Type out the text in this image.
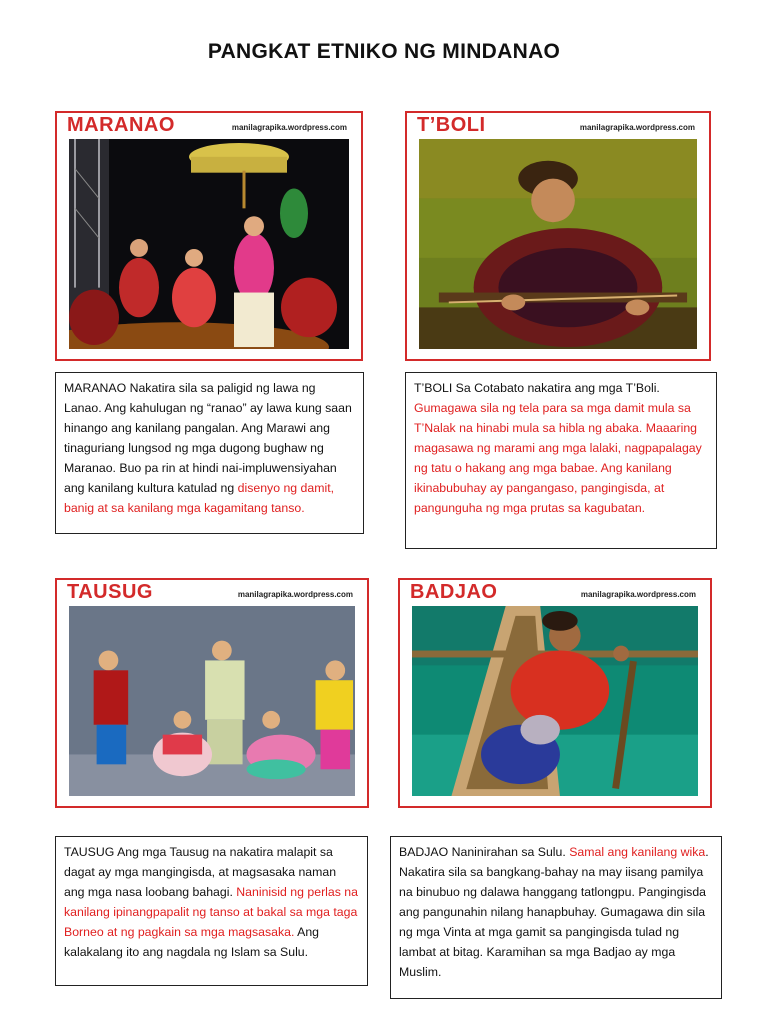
PANGKAT ETNIKO NG MINDANAO
MARANAO	manilagrapika.wordpress.com	T’BOLI	manilagrapika.wordpress.com
MARANAO Nakatira sila sa paligid ng lawa ng Lanao. Ang kahulugan ng “ranao” ay lawa kung saan hinango ang kanilang pangalan. Ang Marawi ang tinaguriang lungsod ng mga dugong bughaw ng Maranao. Buo pa rin at hindi nai-impluwensiyahan ang kanilang kultura katulad ng disenyo ng damit, banig at sa kanilang mga kagamitang tanso.
T’BOLI Sa Cotabato nakatira ang mga T’Boli. Gumagawa sila ng tela para sa mga damit mula sa T’Nalak na hinabi mula sa hibla ng abaka. Maaaring magasawa ng marami ang mga lalaki, nagpapalagay ng tatu o hakang ang mga babae. Ang kanilang ikinabubuhay ay pangangaso, pangingisda, at pangunguha ng mga prutas sa kagubatan.
TAUSUG	manilagrapika.wordpress.com	BADJAO	manilagrapika.wordpress.com
TAUSUG Ang mga Tausug na nakatira malapit sa dagat ay mga mangingisda, at magsasaka naman ang mga nasa loobang bahagi. Naninisid ng perlas na kanilang ipinangpapalit ng tanso at bakal sa mga taga Borneo at ng pagkain sa mga magsasaka. Ang kalakalang ito ang nagdala ng Islam sa Sulu.
BADJAO Naninirahan sa Sulu. Samal ang kanilang wika. Nakatira sila sa bangkang-bahay na may iisang pamilya na binubuo ng dalawa hanggang tatlongpu. Pangingisda ang pangunahin nilang hanapbuhay. Gumagawa din sila ng mga Vinta at mga gamit sa pangingisda tulad ng lambat at bitag. Karamihan sa mga Badjao ay mga Muslim.
